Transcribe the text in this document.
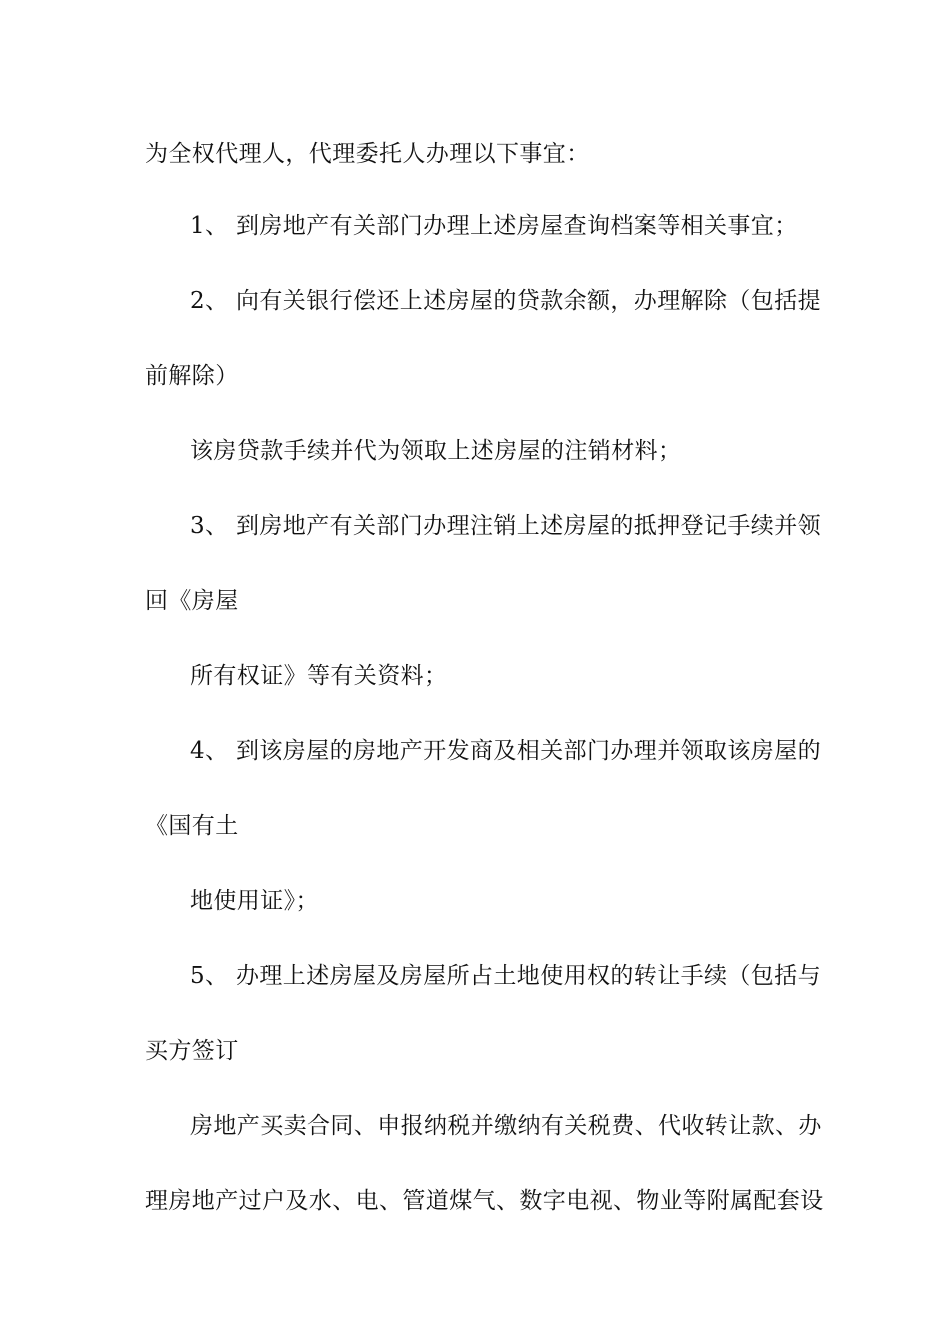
为全权代理人，代理委托人办理以下事宜：
1、 到房地产有关部门办理上述房屋查询档案等相关事宜；
2、 向有关银行偿还上述房屋的贷款余额，办理解除（包括提
前解除）
该房贷款手续并代为领取上述房屋的注销材料；
3、 到房地产有关部门办理注销上述房屋的抵押登记手续并领
回《房屋
所有权证》等有关资料；
4、 到该房屋的房地产开发商及相关部门办理并领取该房屋的
《国有土
地使用证》；
5、 办理上述房屋及房屋所占土地使用权的转让手续（包括与
买方签订
房地产买卖合同、申报纳税并缴纳有关税费、代收转让款、办
理房地产过户及水、电、管道煤气、数字电视、物业等附属配套设
